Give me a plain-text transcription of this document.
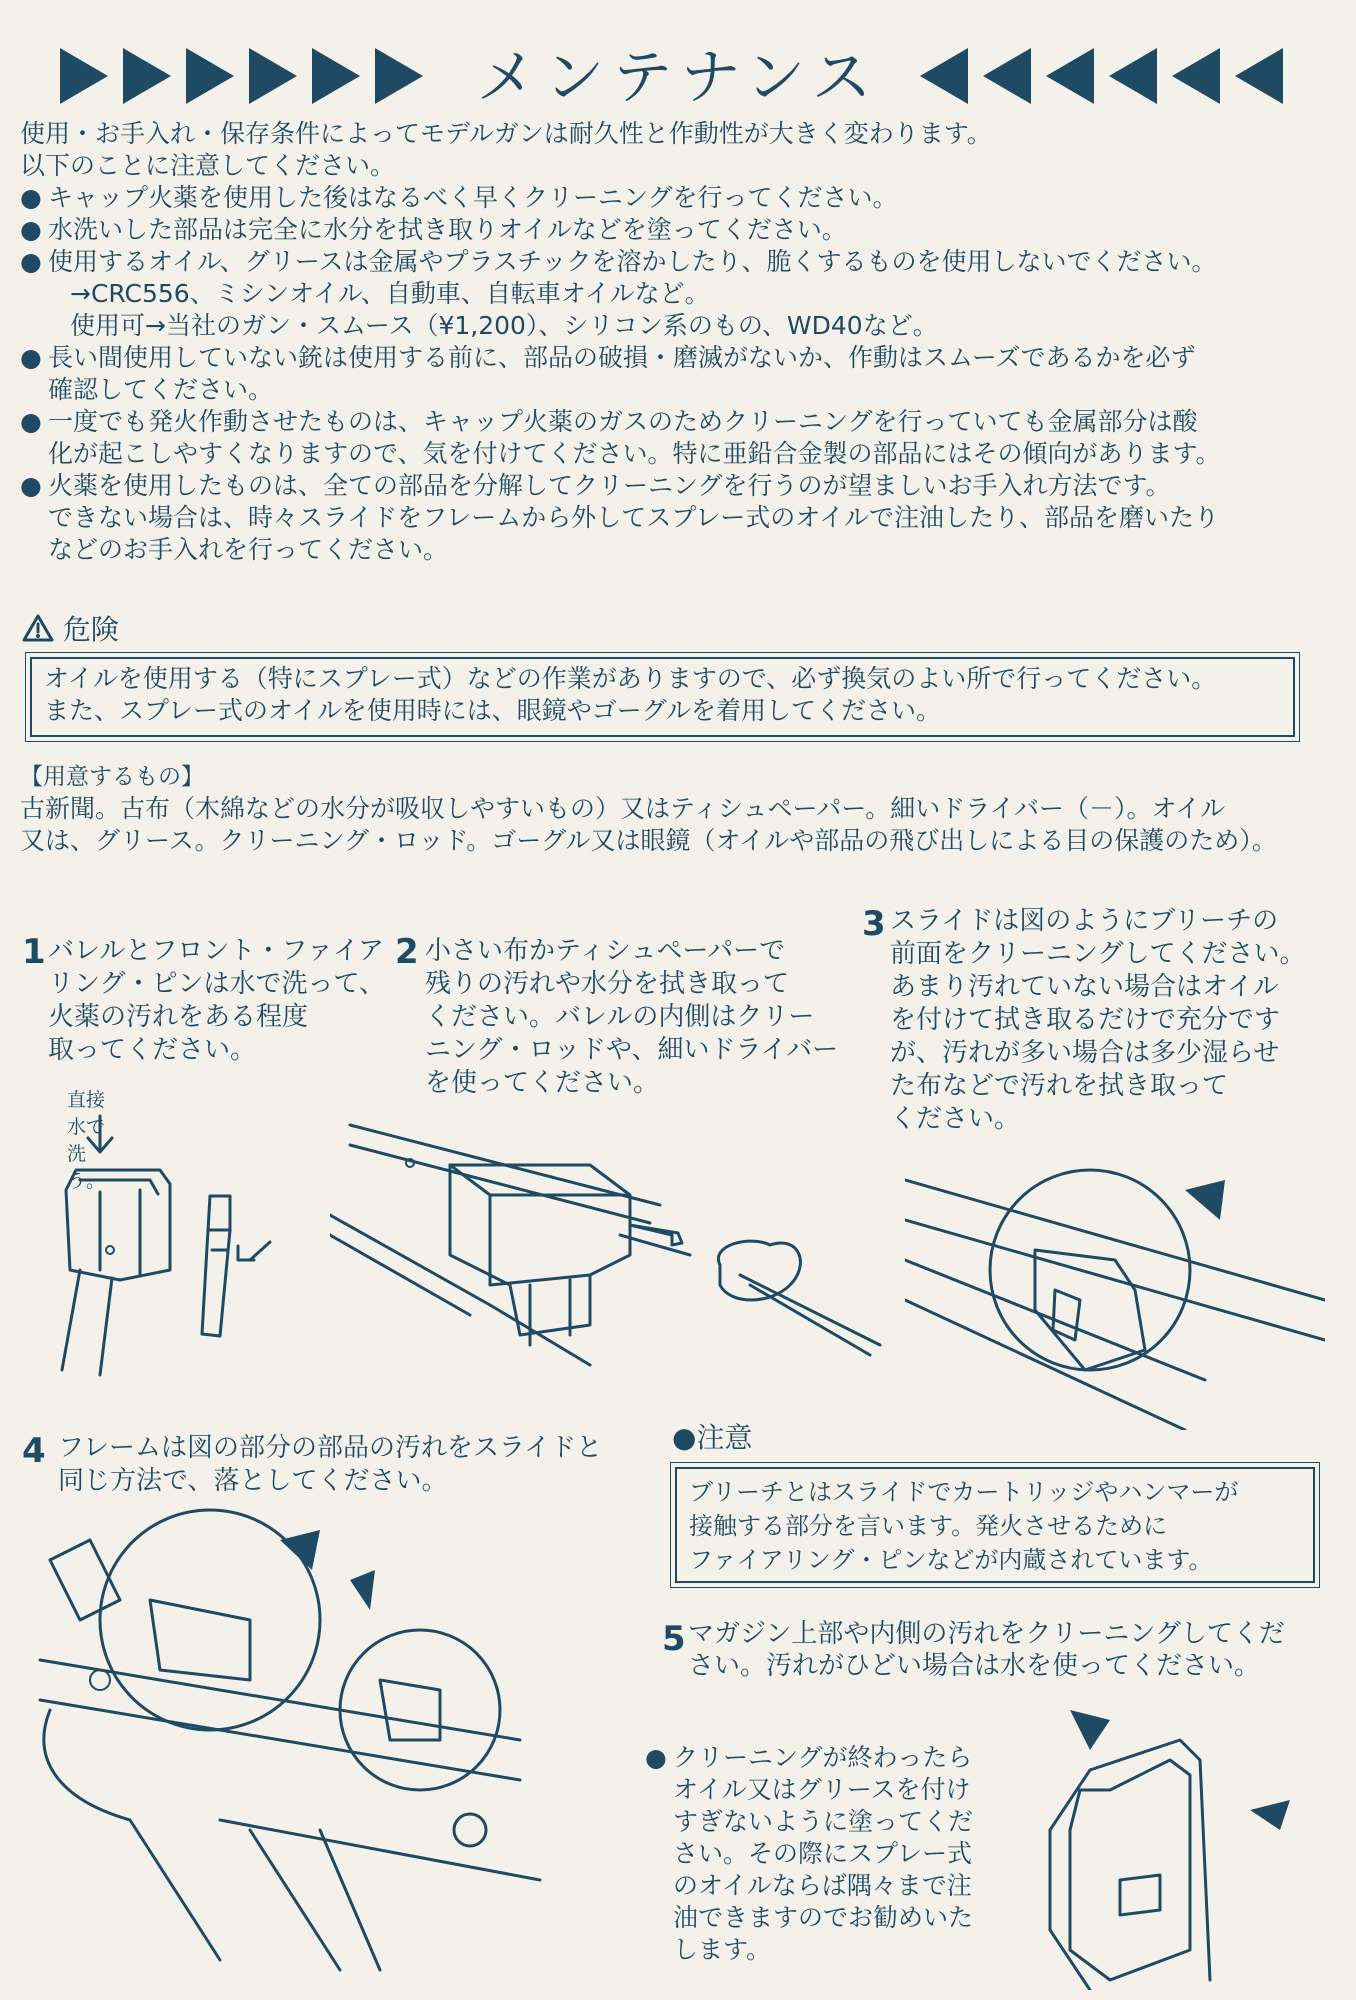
メンテナンス
使用・お手入れ・保存条件によってモデルガンは耐久性と作動性が大きく変わります。
以下のことに注意してください。
● キャップ火薬を使用した後はなるべく早くクリーニングを行ってください。
● 水洗いした部品は完全に水分を拭き取りオイルなどを塗ってください。
● 使用するオイル、グリースは金属やプラスチックを溶かしたり、脆くするものを使用しないでください。
→CRC556、ミシンオイル、自動車、自転車オイルなど。
使用可→当社のガン・スムース（¥1,200）、シリコン系のもの、WD40など。
● 長い間使用していない銃は使用する前に、部品の破損・磨滅がないか、作動はスムーズであるかを必ず
確認してください。
● 一度でも発火作動させたものは、キャップ火薬のガスのためクリーニングを行っていても金属部分は酸
化が起こしやすくなりますので、気を付けてください。特に亜鉛合金製の部品にはその傾向があります。
● 火薬を使用したものは、全ての部品を分解してクリーニングを行うのが望ましいお手入れ方法です。
できない場合は、時々スライドをフレームから外してスプレー式のオイルで注油したり、部品を磨いたり
などのお手入れを行ってください。
危険
オイルを使用する（特にスプレー式）などの作業がありますので、必ず換気のよい所で行ってください。
また、スプレー式のオイルを使用時には、眼鏡やゴーグルを着用してください。
【用意するもの】
古新聞。古布（木綿などの水分が吸収しやすいもの）又はティシュペーパー。細いドライバー（－）。オイル
又は、グリース。クリーニング・ロッド。ゴーグル又は眼鏡（オイルや部品の飛び出しによる目の保護のため）。
1 バレルとフロント・ファイア
リング・ピンは水で洗って、
火薬の汚れをある程度
取ってください。
直接水で洗う。
2 小さい布かティシュペーパーで
残りの汚れや水分を拭き取って
ください。バレルの内側はクリー
ニング・ロッドや、細いドライバー
を使ってください。
3 スライドは図のようにブリーチの
前面をクリーニングしてください。
あまり汚れていない場合はオイル
を付けて拭き取るだけで充分です
が、汚れが多い場合は多少湿らせ
た布などで汚れを拭き取って
ください。
4 フレームは図の部分の部品の汚れをスライドと
同じ方法で、落としてください。
●注意
ブリーチとはスライドでカートリッジやハンマーが
接触する部分を言います。発火させるために
ファイアリング・ピンなどが内蔵されています。
5 マガジン上部や内側の汚れをクリーニングしてくだ
さい。汚れがひどい場合は水を使ってください。
● クリーニングが終わったら
オイル又はグリースを付け
すぎないように塗ってくだ
さい。その際にスプレー式
のオイルならば隅々まで注
油できますのでお勧めいた
します。
